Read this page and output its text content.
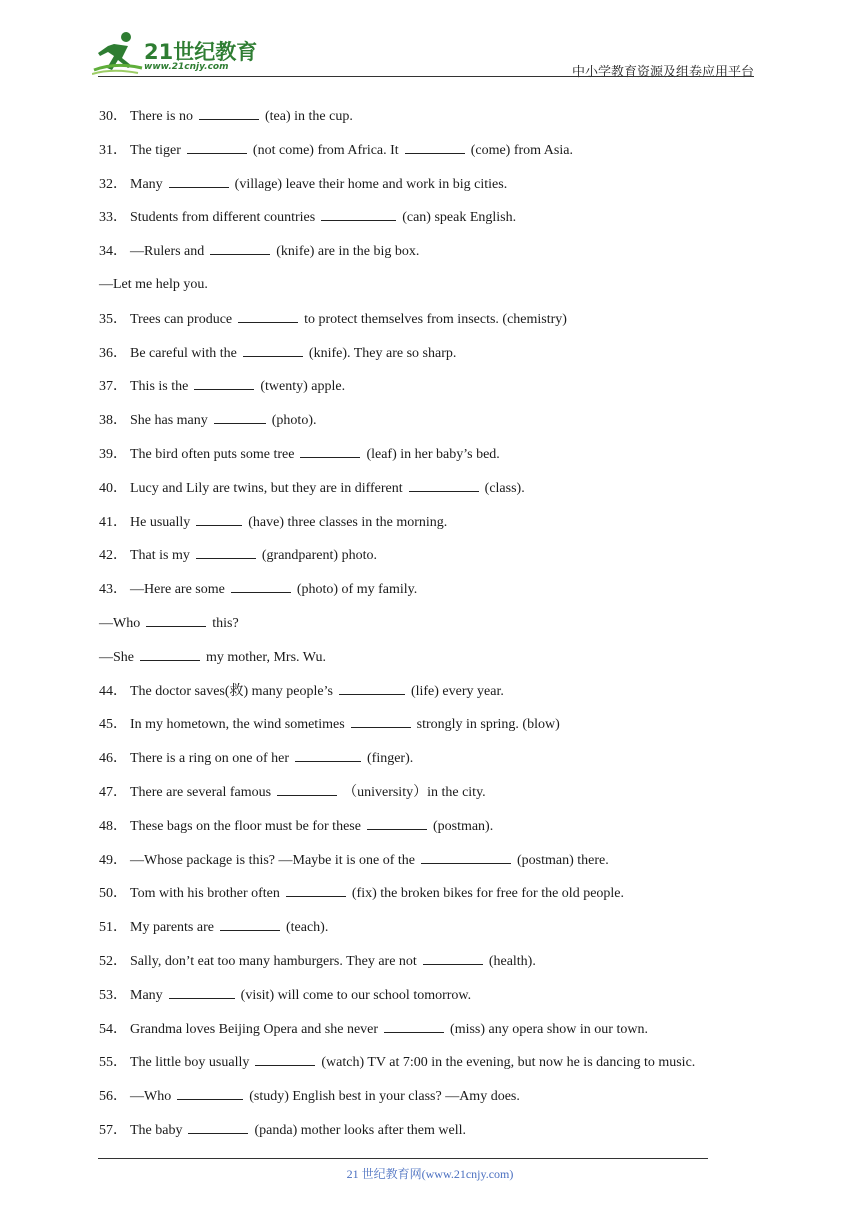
21世纪教育
www.21cnjy.com	中小学教育资源及组卷应用平台
30． There is no	(tea) in the cup.
31． The tiger	(not come) from Africa. It	(come) from Asia.
32． Many	(village) leave their home and work in big cities.
33． Students from different countries	(can) speak English.
34． —Rulers and	(knife) are in the big box.
—Let me help you.
35． Trees can produce	to protect themselves from insects. (chemistry)
36． Be careful with the	(knife). They are so sharp.
37． This is the	(twenty) apple.
38． She has many	(photo).
39． The bird often puts some tree	(leaf) in her baby’s bed.
40． Lucy and Lily are twins, but they are in different	(class).
41． He usually	(have) three classes in the morning.
42． That is my	(grandparent) photo.
43． —Here are some	(photo) of my family.
—Who	this?
—She	my mother, Mrs. Wu.
44． The doctor saves(救) many people’s	(life) every year.
45． In my hometown, the wind sometimes	strongly in spring. (blow)
46． There is a ring on one of her	(finger).
47． There are several famous	（university）in the city.
48． These bags on the floor must be for these	(postman).
49． —Whose package is this? —Maybe it is one of the	(postman) there.
50． Tom with his brother often	(fix) the broken bikes for free for the old people.
51． My parents are	(teach).
52． Sally, don’t eat too many hamburgers. They are not	(health).
53． Many	(visit) will come to our school tomorrow.
54． Grandma loves Beijing Opera and she never	(miss) any opera show in our town.
55． The little boy usually	(watch) TV at 7:00 in the evening, but now he is dancing to music.
56． —Who	(study) English best in your class? —Amy does.
57． The baby	(panda) mother looks after them well.
21 世纪教育网(www.21cnjy.com)
